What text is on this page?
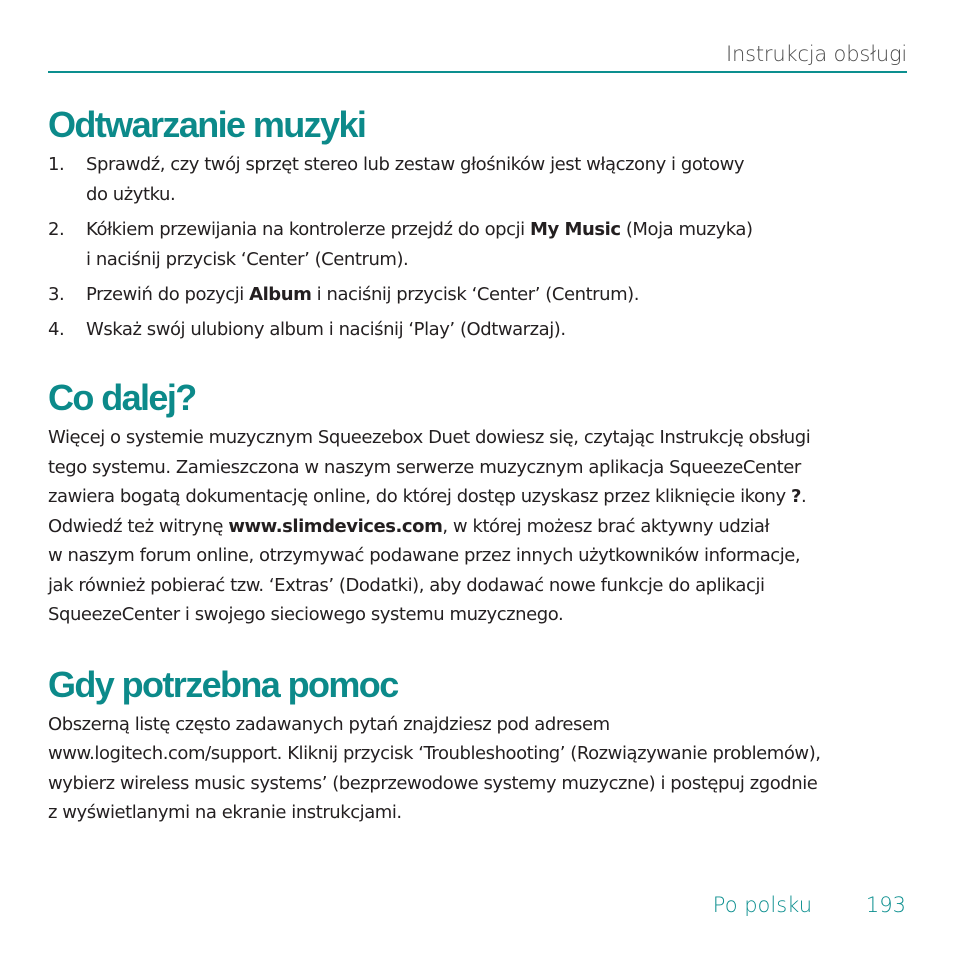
Instrukcja obsługi
Odtwarzanie muzyki
1. Sprawdź, czy twój sprzęt stereo lub zestaw głośników jest włączony i gotowy
do użytku.
2. Kółkiem przewijania na kontrolerze przejdź do opcji My Music (Moja muzyka)
i naciśnij przycisk ‘Center’ (Centrum).
3. Przewiń do pozycji Album i naciśnij przycisk ‘Center’ (Centrum).
4. Wskaż swój ulubiony album i naciśnij ‘Play’ (Odtwarzaj).
Co dalej?

Więcej o systemie muzycznym Squeezebox Duet dowiesz się, czytając Instrukcję obsługi
tego systemu. Zamieszczona w naszym serwerze muzycznym aplikacja SqueezeCenter
zawiera bogatą dokumentację online, do której dostęp uzyskasz przez kliknięcie ikony ?.
Odwiedź też witrynę www.slimdevices.com, w której możesz brać aktywny udział
w naszym forum online, otrzymywać podawane przez innych użytkowników informacje,
jak również pobierać tzw. ‘Extras’ (Dodatki), aby dodawać nowe funkcje do aplikacji
SqueezeCenter i swojego sieciowego systemu muzycznego.

Gdy potrzebna pomoc

Obszerną listę często zadawanych pytań znajdziesz pod adresem
www.logitech.com/support. Kliknij przycisk ‘Troubleshooting’ (Rozwiązywanie problemów),
wybierz wireless music systems’ (bezprzewodowe systemy muzyczne) i postępuj zgodnie
z wyświetlanymi na ekranie instrukcjami.

Po polsku	193
